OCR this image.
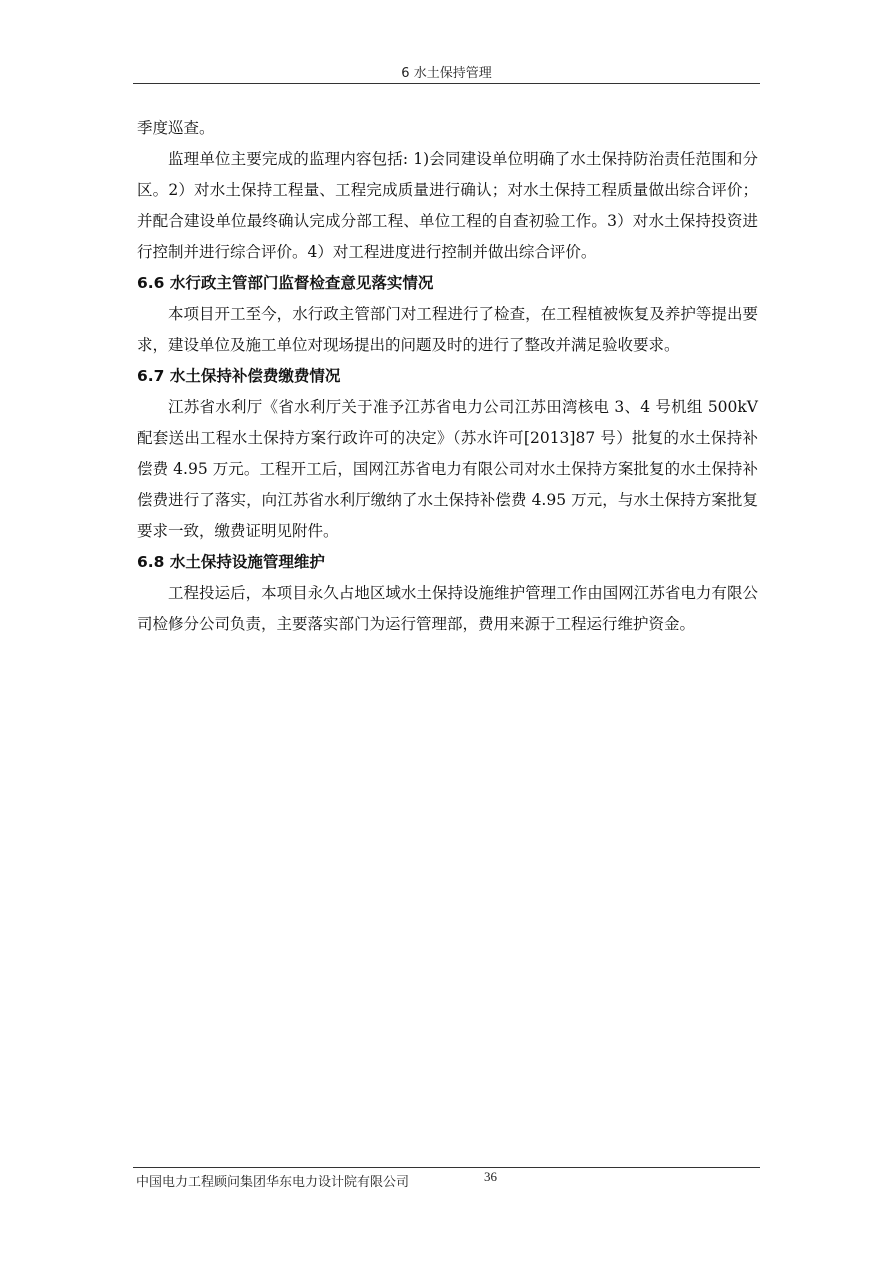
6 水土保持管理

季度巡查。

监理单位主要完成的监理内容包括: 1)会同建设单位明确了水土保持防治责任范围和分区。2）对水土保持工程量、工程完成质量进行确认；对水土保持工程质量做出综合评价；并配合建设单位最终确认完成分部工程、单位工程的自查初验工作。3）对水土保持投资进行控制并进行综合评价。4）对工程进度进行控制并做出综合评价。

6.6 水行政主管部门监督检查意见落实情况

本项目开工至今，水行政主管部门对工程进行了检查，在工程植被恢复及养护等提出要求，建设单位及施工单位对现场提出的问题及时的进行了整改并满足验收要求。

6.7 水土保持补偿费缴费情况

江苏省水利厅《省水利厅关于准予江苏省电力公司江苏田湾核电 3、4 号机组 500kV 配套送出工程水土保持方案行政许可的决定》（苏水许可[2013]87 号）批复的水土保持补偿费 4.95 万元。工程开工后，国网江苏省电力有限公司对水土保持方案批复的水土保持补偿费进行了落实，向江苏省水利厅缴纳了水土保持补偿费 4.95 万元，与水土保持方案批复要求一致，缴费证明见附件。

6.8 水土保持设施管理维护

工程投运后，本项目永久占地区域水土保持设施维护管理工作由国网江苏省电力有限公司检修分公司负责，主要落实部门为运行管理部，费用来源于工程运行维护资金。

中国电力工程顾问集团华东电力设计院有限公司	36
